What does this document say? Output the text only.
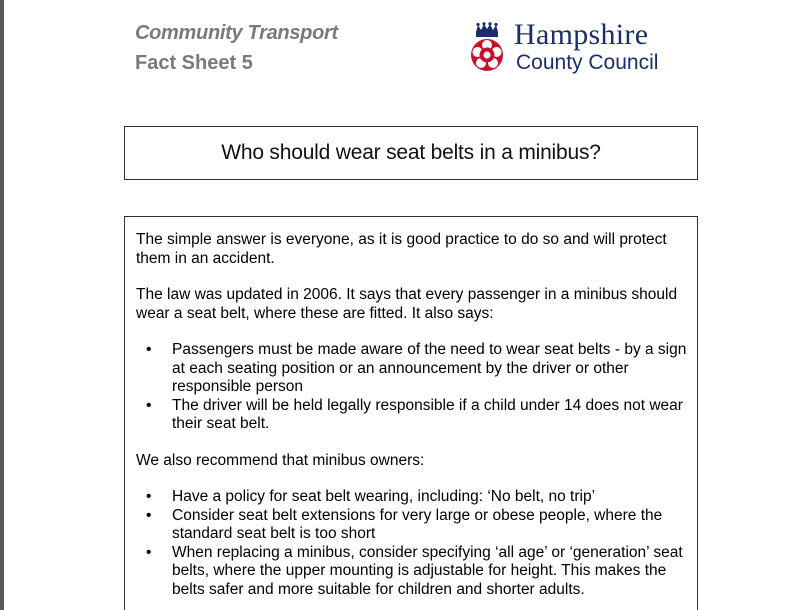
Community Transport
Fact Sheet 5
Hampshire
County Council
Who should wear seat belts in a minibus?

The simple answer is everyone, as it is good practice to do so and will protect them in an accident.

The law was updated in 2006. It says that every passenger in a minibus should wear a seat belt, where these are fitted. It also says:

• Passengers must be made aware of the need to wear seat belts - by a sign at each seating position or an announcement by the driver or other responsible person
• The driver will be held legally responsible if a child under 14 does not wear their seat belt.

We also recommend that minibus owners:

• Have a policy for seat belt wearing, including: ‘No belt, no trip’
• Consider seat belt extensions for very large or obese people, where the standard seat belt is too short
• When replacing a minibus, consider specifying ‘all age’ or ‘generation’ seat belts, where the upper mounting is adjustable for height. This makes the belts safer and more suitable for children and shorter adults.
